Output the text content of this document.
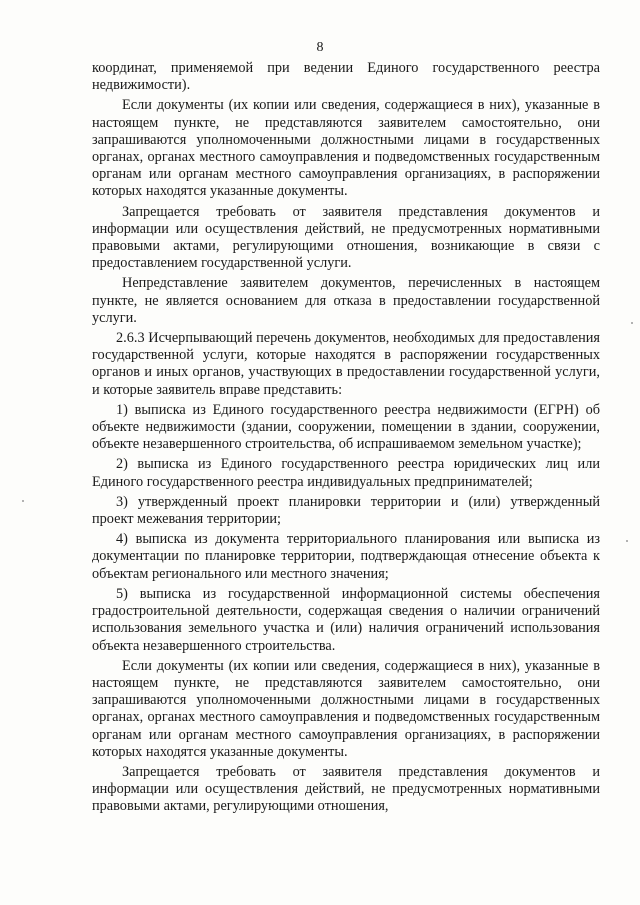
8

координат, применяемой при ведении Единого государственного реестра недвижимости).

Если документы (их копии или сведения, содержащиеся в них), указанные в настоящем пункте, не представляются заявителем самостоятельно, они запрашиваются уполномоченными должностными лицами в государственных органах, органах местного самоуправления и подведомственных государственным органам или органам местного самоуправления организациях, в распоряжении которых находятся указанные документы.

Запрещается требовать от заявителя представления документов и информации или осуществления действий, не предусмотренных нормативными правовыми актами, регулирующими отношения, возникающие в связи с предоставлением государственной услуги.

Непредставление заявителем документов, перечисленных в настоящем пункте, не является основанием для отказа в предоставлении государственной услуги.

2.6.3 Исчерпывающий перечень документов, необходимых для предоставления государственной услуги, которые находятся в распоряжении государственных органов и иных органов, участвующих в предоставлении государственной услуги, и которые заявитель вправе представить:

1) выписка из Единого государственного реестра недвижимости (ЕГРН) об объекте недвижимости (здании, сооружении, помещении в здании, сооружении, объекте незавершенного строительства, об испрашиваемом земельном участке);

2) выписка из Единого государственного реестра юридических лиц или Единого государственного реестра индивидуальных предпринимателей;

3) утвержденный проект планировки территории и (или) утвержденный проект межевания территории;

4) выписка из документа территориального планирования или выписка из документации по планировке территории, подтверждающая отнесение объекта к объектам регионального или местного значения;

5) выписка из государственной информационной системы обеспечения градостроительной деятельности, содержащая сведения о наличии ограничений использования земельного участка и (или) наличия ограничений использования объекта незавершенного строительства.

Если документы (их копии или сведения, содержащиеся в них), указанные в настоящем пункте, не представляются заявителем самостоятельно, они запрашиваются уполномоченными должностными лицами в государственных органах, органах местного самоуправления и подведомственных государственным органам или органам местного самоуправления организациях, в распоряжении которых находятся указанные документы.

Запрещается требовать от заявителя представления документов и информации или осуществления действий, не предусмотренных нормативными правовыми актами, регулирующими отношения,
